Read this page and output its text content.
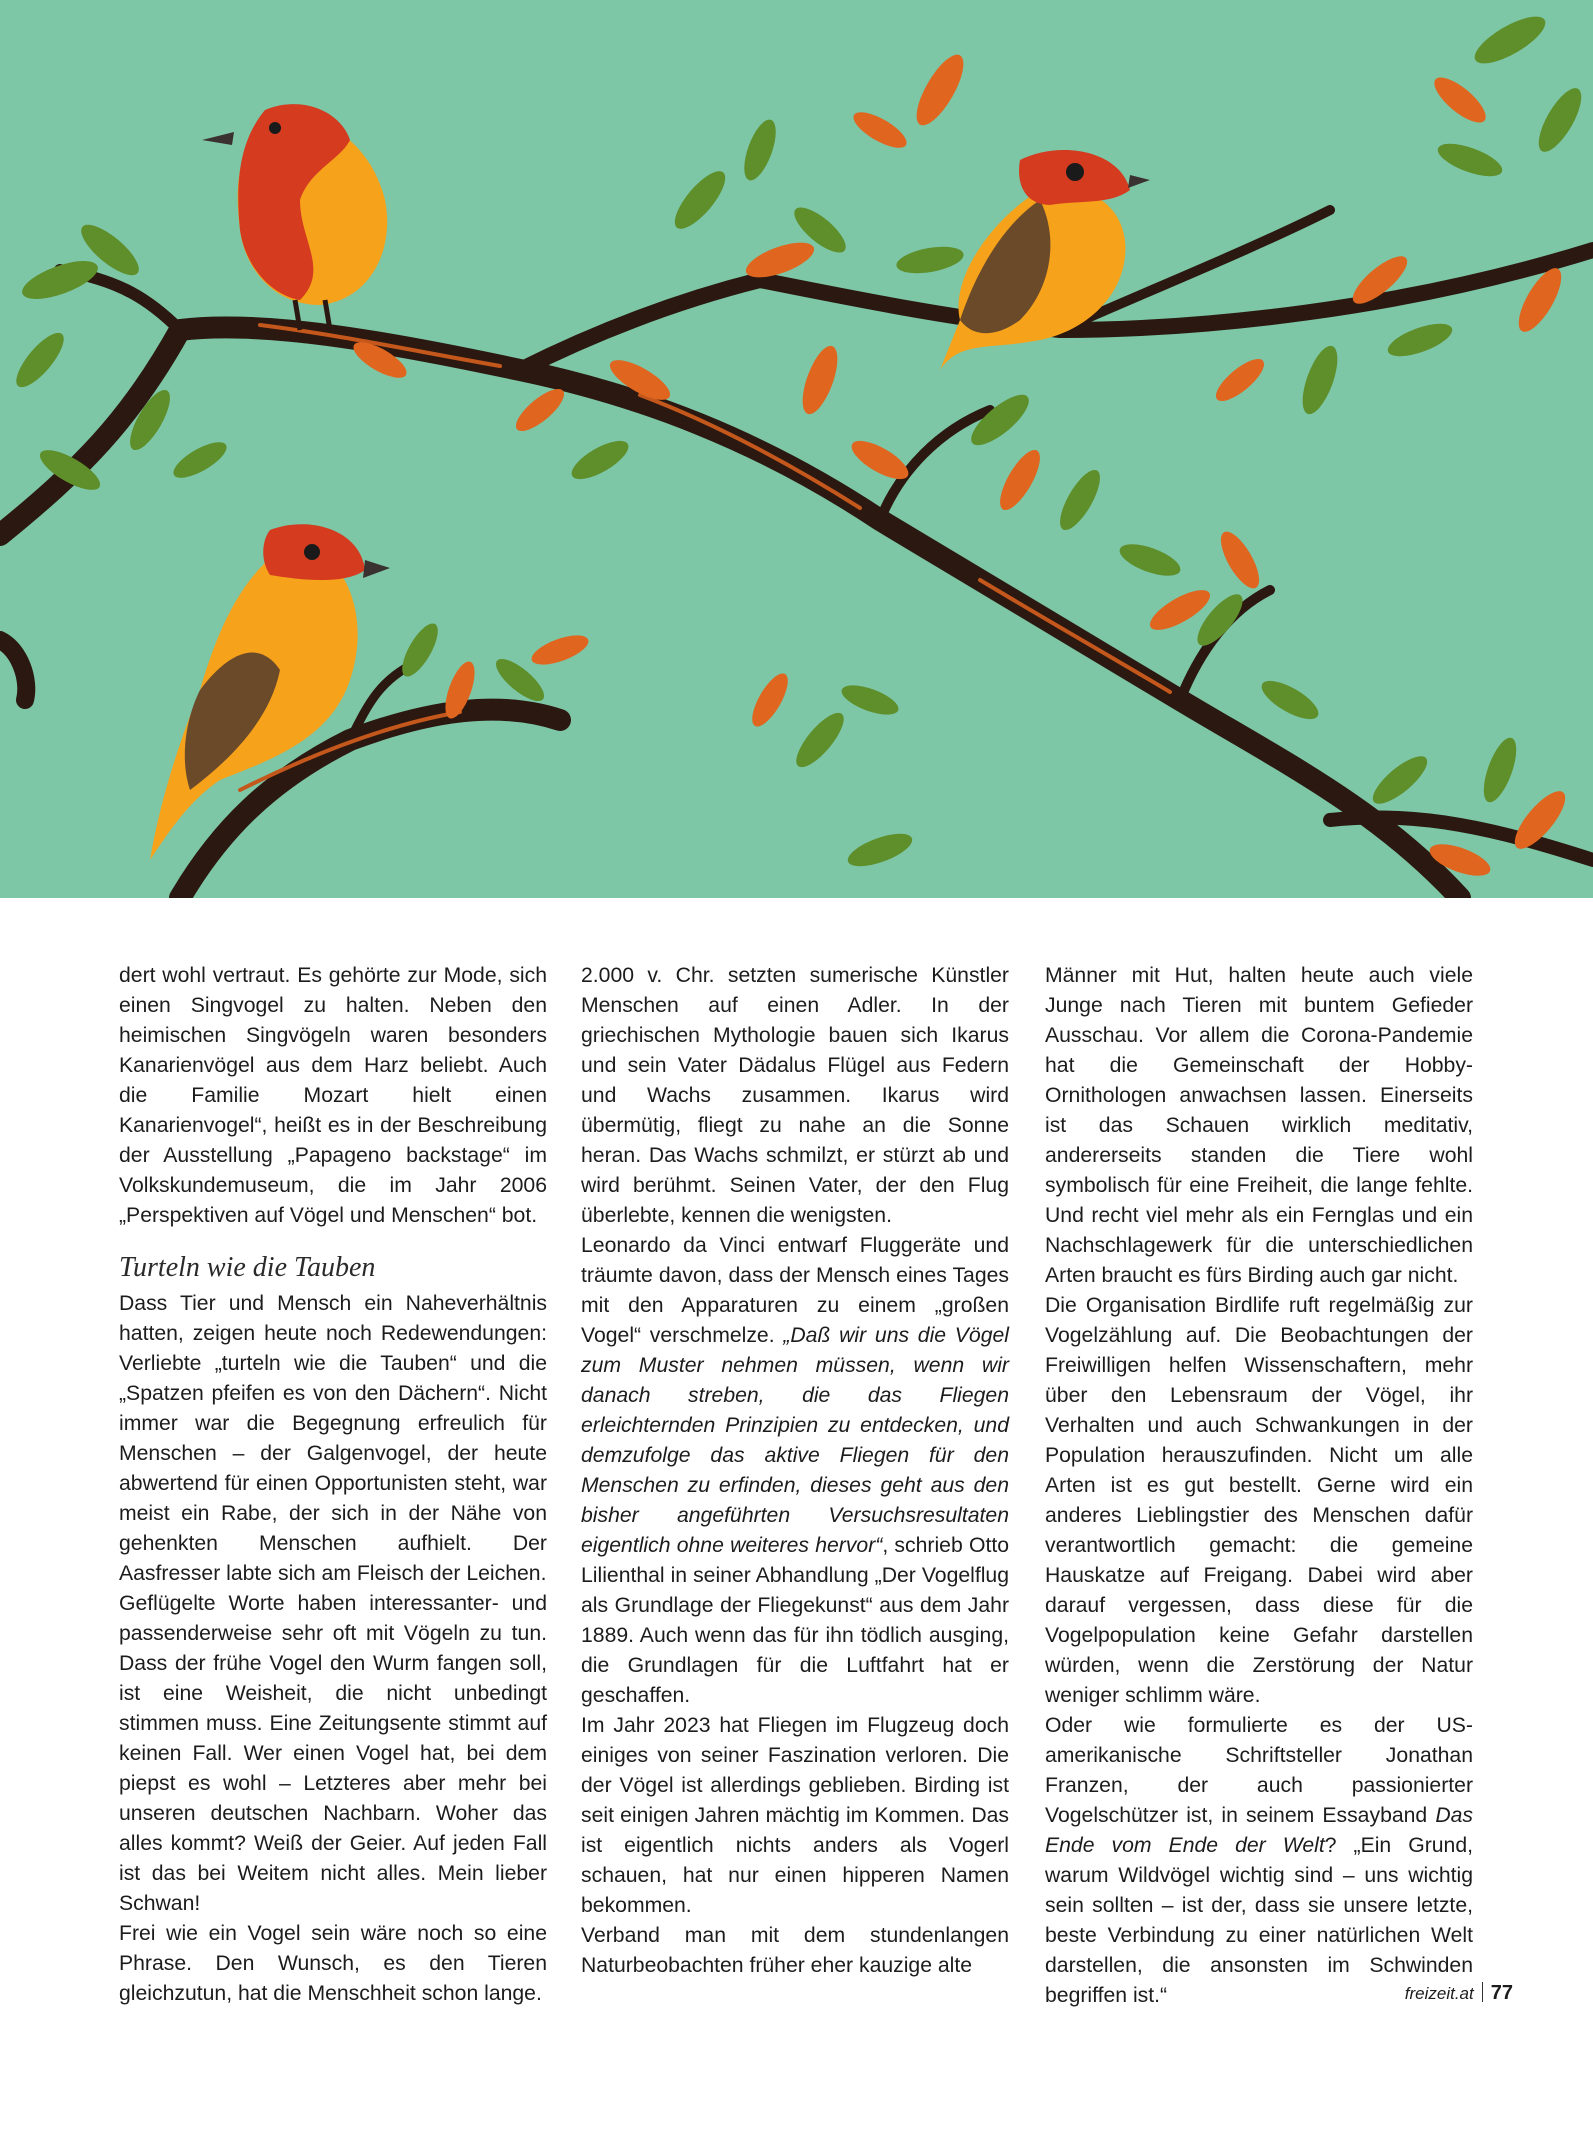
dert wohl vertraut. Es gehörte zur Mode, sich einen Singvogel zu halten. Neben den heimischen Singvögeln waren besonders Kanarienvögel aus dem Harz beliebt. Auch die Familie Mozart hielt einen Kanarienvogel“, heißt es in der Beschreibung der Ausstellung „Papageno backstage“ im Volkskundemuseum, die im Jahr 2006 „Perspektiven auf Vögel und Menschen“ bot.

Turteln wie die Tauben

Dass Tier und Mensch ein Naheverhältnis hatten, zeigen heute noch Redewendungen: Verliebte „turteln wie die Tauben“ und die „Spatzen pfeifen es von den Dächern“. Nicht immer war die Begegnung erfreulich für Menschen – der Galgenvogel, der heute abwertend für einen Opportunisten steht, war meist ein Rabe, der sich in der Nähe von gehenkten Menschen aufhielt. Der Aasfresser labte sich am Fleisch der Leichen.

Geflügelte Worte haben interessanter- und passenderweise sehr oft mit Vögeln zu tun. Dass der frühe Vogel den Wurm fangen soll, ist eine Weisheit, die nicht unbedingt stimmen muss. Eine Zeitungsente stimmt auf keinen Fall. Wer einen Vogel hat, bei dem piepst es wohl – Letzteres aber mehr bei unseren deutschen Nachbarn. Woher das alles kommt? Weiß der Geier. Auf jeden Fall ist das bei Weitem nicht alles. Mein lieber Schwan!

Frei wie ein Vogel sein wäre noch so eine Phrase. Den Wunsch, es den Tieren gleichzutun, hat die Menschheit schon lange.

2.000 v. Chr. setzten sumerische Künstler Menschen auf einen Adler. In der griechischen Mythologie bauen sich Ikarus und sein Vater Dädalus Flügel aus Federn und Wachs zusammen. Ikarus wird übermütig, fliegt zu nahe an die Sonne heran. Das Wachs schmilzt, er stürzt ab und wird berühmt. Seinen Vater, der den Flug überlebte, kennen die wenigsten.

Leonardo da Vinci entwarf Fluggeräte und träumte davon, dass der Mensch eines Tages mit den Apparaturen zu einem „großen Vogel“ verschmelze. „Daß wir uns die Vögel zum Muster nehmen müssen, wenn wir danach streben, die das Fliegen erleichternden Prinzipien zu entdecken, und demzufolge das aktive Fliegen für den Menschen zu erfinden, dieses geht aus den bisher angeführten Versuchsresultaten eigentlich ohne weiteres hervor“, schrieb Otto Lilienthal in seiner Abhandlung „Der Vogelflug als Grundlage der Fliegekunst“ aus dem Jahr 1889. Auch wenn das für ihn tödlich ausging, die Grundlagen für die Luftfahrt hat er geschaffen.

Im Jahr 2023 hat Fliegen im Flugzeug doch einiges von seiner Faszination verloren. Die der Vögel ist allerdings geblieben. Birding ist seit einigen Jahren mächtig im Kommen. Das ist eigentlich nichts anders als Vogerl schauen, hat nur einen hipperen Namen bekommen.

Verband man mit dem stundenlangen Naturbeobachten früher eher kauzige alte

Männer mit Hut, halten heute auch viele Junge nach Tieren mit buntem Gefieder Ausschau. Vor allem die Corona-Pandemie hat die Gemeinschaft der Hobby-Ornithologen anwachsen lassen. Einerseits ist das Schauen wirklich meditativ, andererseits standen die Tiere wohl symbolisch für eine Freiheit, die lange fehlte. Und recht viel mehr als ein Fernglas und ein Nachschlagewerk für die unterschiedlichen Arten braucht es fürs Birding auch gar nicht.

Die Organisation Birdlife ruft regelmäßig zur Vogelzählung auf. Die Beobachtungen der Freiwilligen helfen Wissenschaftern, mehr über den Lebensraum der Vögel, ihr Verhalten und auch Schwankungen in der Population herauszufinden. Nicht um alle Arten ist es gut bestellt. Gerne wird ein anderes Lieblingstier des Menschen dafür verantwortlich gemacht: die gemeine Hauskatze auf Freigang. Dabei wird aber darauf vergessen, dass diese für die Vogelpopulation keine Gefahr darstellen würden, wenn die Zerstörung der Natur weniger schlimm wäre.

Oder wie formulierte es der US-amerikanische Schriftsteller Jonathan Franzen, der auch passionierter Vogelschützer ist, in seinem Essayband Das Ende vom Ende der Welt? „Ein Grund, warum Wildvögel wichtig sind – uns wichtig sein sollten – ist der, dass sie unsere letzte, beste Verbindung zu einer natürlichen Welt darstellen, die ansonsten im Schwinden begriffen ist.“	freizeit.at 77
